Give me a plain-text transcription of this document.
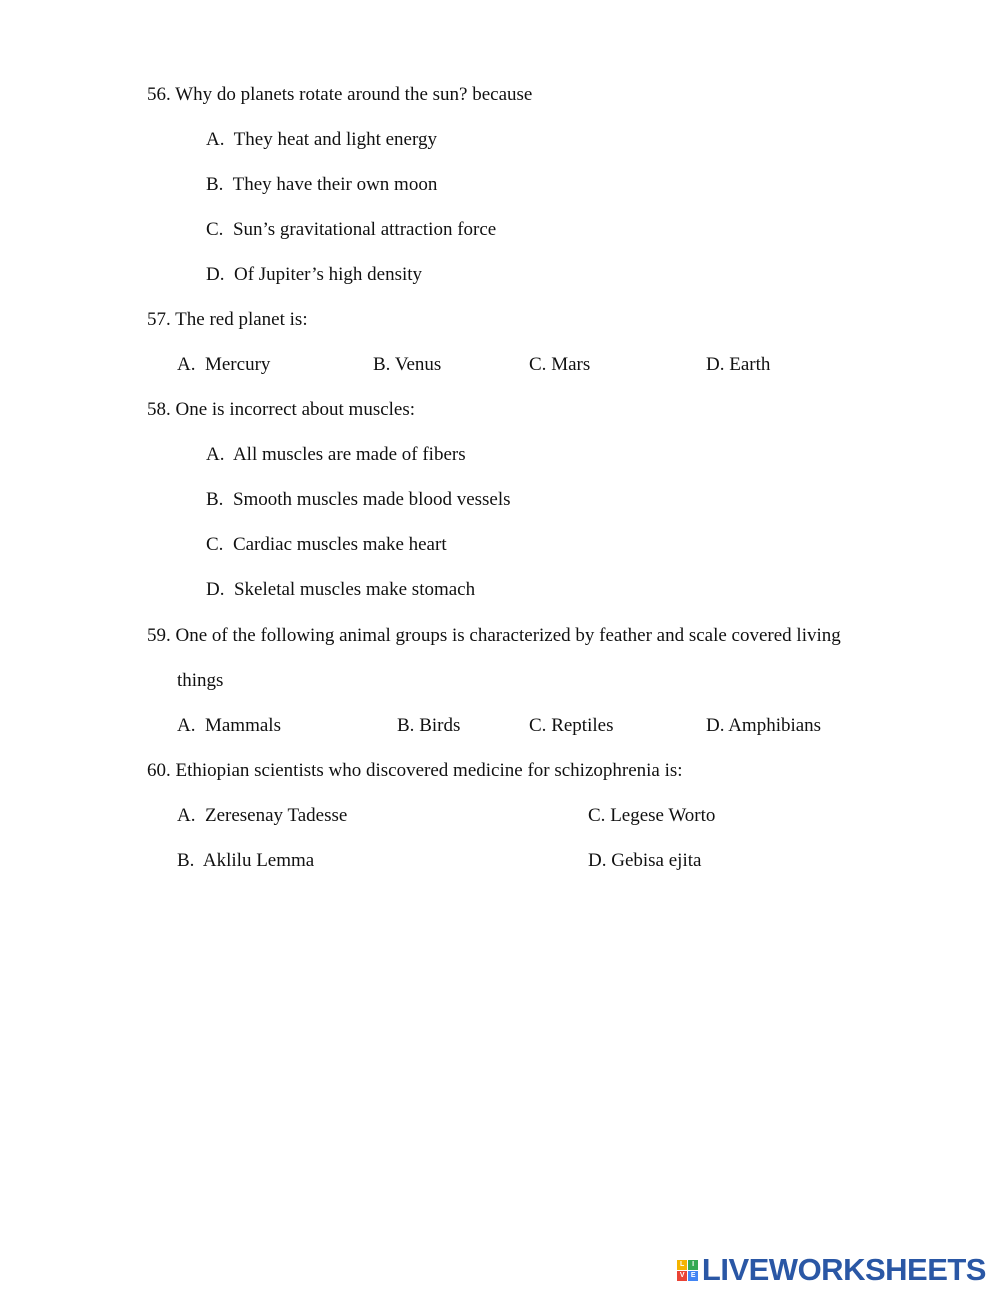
56. Why do planets rotate around the sun? because
A. They heat and light energy
B. They have their own moon
C. Sun’s gravitational attraction force
D. Of Jupiter’s high density
57. The red planet is:
A. Mercury	B. Venus	C. Mars	D. Earth
58. One is incorrect about muscles:
A. All muscles are made of fibers
B. Smooth muscles made blood vessels
C. Cardiac muscles make heart
D. Skeletal muscles make stomach
59. One of the following animal groups is characterized by feather and scale covered living
things
A. Mammals	B. Birds	C. Reptiles	D. Amphibians
60. Ethiopian scientists who discovered medicine for schizophrenia is:
A. Zeresenay Tadesse	C. Legese Worto
B. Aklilu Lemma	D. Gebisa ejita
L	I
V E LIVEWORKSHEETS
